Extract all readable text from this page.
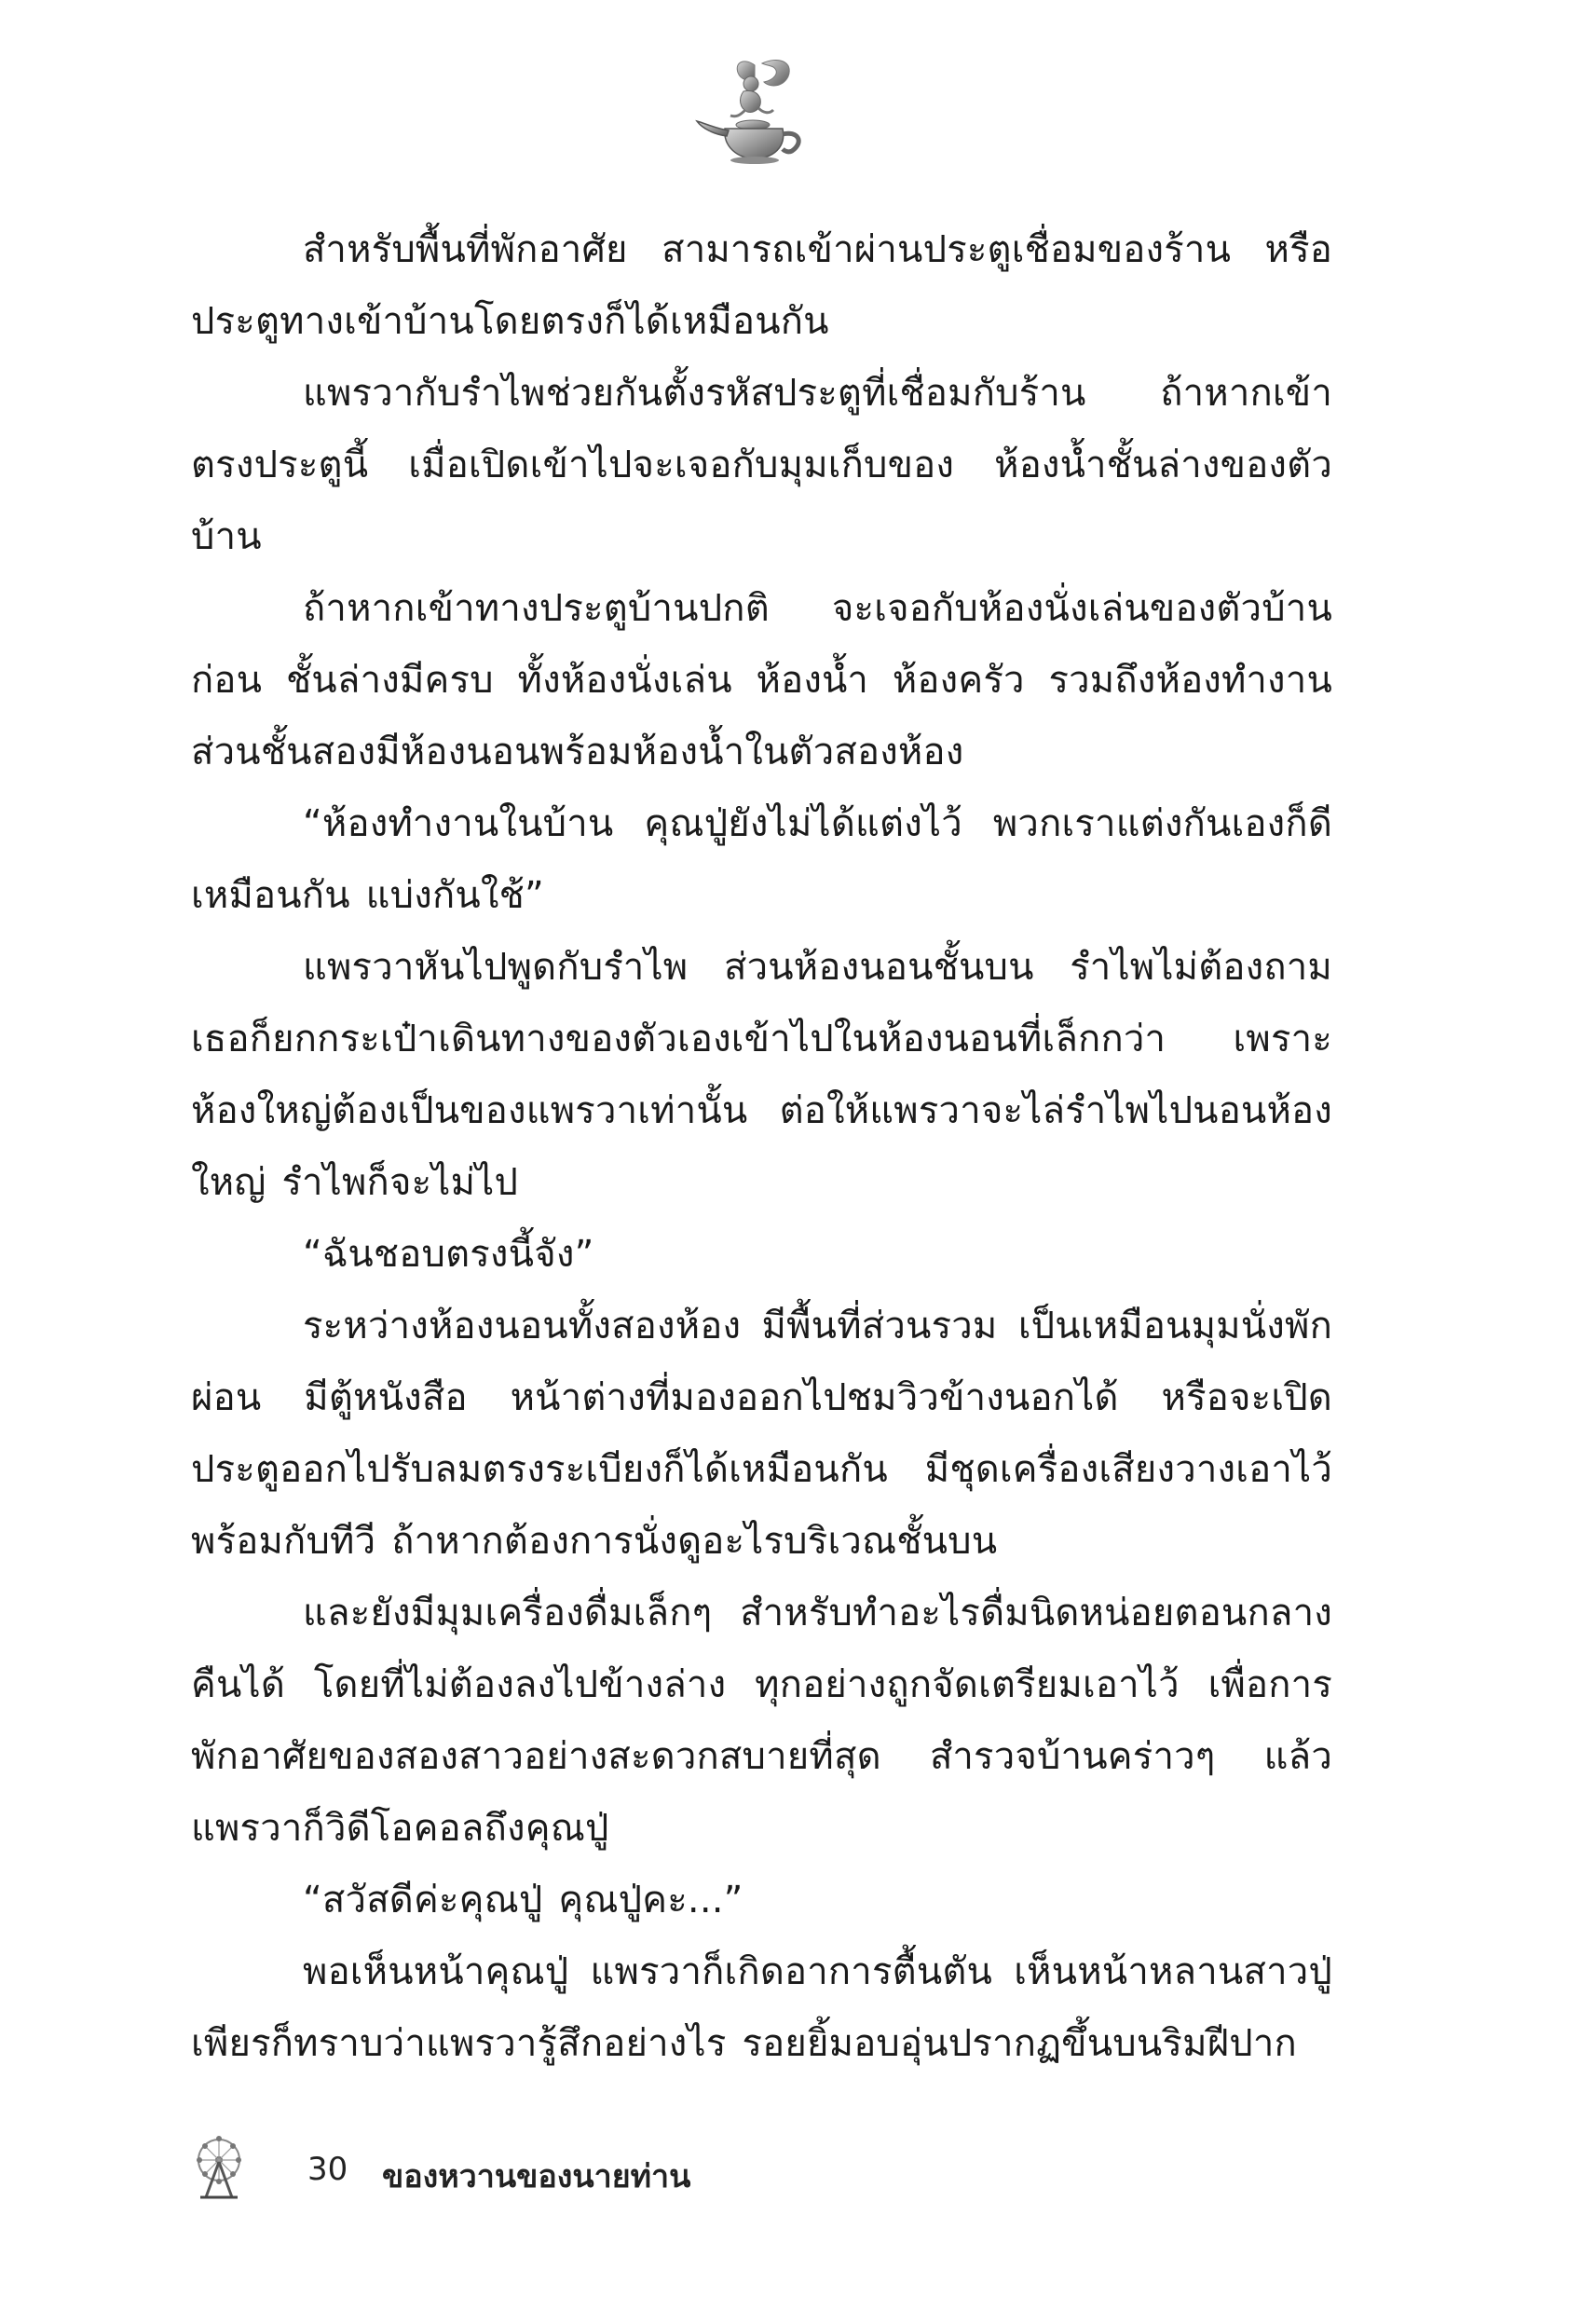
สำหรับพื้นที่พักอาศัย สามารถเข้าผ่านประตูเชื่อมของร้าน หรือประตูทางเข้าบ้านโดยตรงก็ได้เหมือนกัน

แพรวากับรำไพช่วยกันตั้งรหัสประตูที่เชื่อมกับร้าน ถ้าหากเข้าตรงประตูนี้ เมื่อเปิดเข้าไปจะเจอกับมุมเก็บของ ห้องน้ำชั้นล่างของตัวบ้าน

ถ้าหากเข้าทางประตูบ้านปกติ จะเจอกับห้องนั่งเล่นของตัวบ้านก่อน ชั้นล่างมีครบ ทั้งห้องนั่งเล่น ห้องน้ำ ห้องครัว รวมถึงห้องทำงาน ส่วนชั้นสองมีห้องนอนพร้อมห้องน้ำในตัวสองห้อง

“ห้องทำงานในบ้าน คุณปู่ยังไม่ได้แต่งไว้ พวกเราแต่งกันเองก็ดีเหมือนกัน แบ่งกันใช้”

แพรวาหันไปพูดกับรำไพ ส่วนห้องนอนชั้นบน รำไพไม่ต้องถาม เธอก็ยกกระเป๋าเดินทางของตัวเองเข้าไปในห้องนอนที่เล็กกว่า เพราะห้องใหญ่ต้องเป็นของแพรวาเท่านั้น ต่อให้แพรวาจะไล่รำไพไปนอนห้องใหญ่ รำไพก็จะไม่ไป

“ฉันชอบตรงนี้จัง”

ระหว่างห้องนอนทั้งสองห้อง มีพื้นที่ส่วนรวม เป็นเหมือนมุมนั่งพักผ่อน มีตู้หนังสือ หน้าต่างที่มองออกไปชมวิวข้างนอกได้ หรือจะเปิดประตูออกไปรับลมตรงระเบียงก็ได้เหมือนกัน มีชุดเครื่องเสียงวางเอาไว้ พร้อมกับทีวี ถ้าหากต้องการนั่งดูอะไรบริเวณชั้นบน

และยังมีมุมเครื่องดื่มเล็กๆ สำหรับทำอะไรดื่มนิดหน่อยตอนกลางคืนได้ โดยที่ไม่ต้องลงไปข้างล่าง ทุกอย่างถูกจัดเตรียมเอาไว้ เพื่อการพักอาศัยของสองสาวอย่างสะดวกสบายที่สุด สำรวจบ้านคร่าวๆ แล้ว แพรวาก็วิดีโอคอลถึงคุณปู่

“สวัสดีค่ะคุณปู่ คุณปู่คะ...”

พอเห็นหน้าคุณปู่ แพรวาก็เกิดอาการตื้นตัน เห็นหน้าหลานสาวปู่เพียรก็ทราบว่าแพรวารู้สึกอย่างไร รอยยิ้มอบอุ่นปรากฏขึ้นบนริมฝีปาก

30 ของหวานของนายท่าน
